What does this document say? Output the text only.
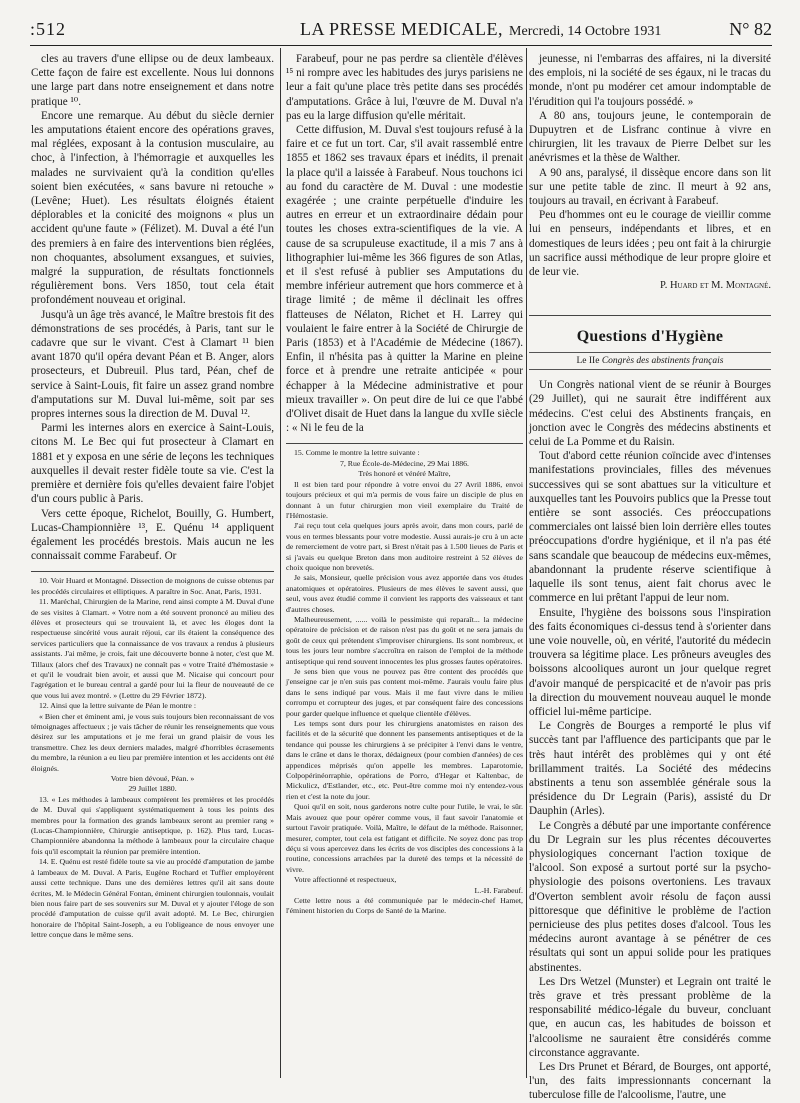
:512	LA PRESSE MEDICALE, Mercredi, 14 Octobre 1931	N° 82

cles au travers d'une ellipse ou de deux lambeaux. Cette façon de faire est excellente. Nous lui donnons une large part dans notre enseignement et dans notre pratique ¹⁰.

Encore une remarque. Au début du siècle dernier les amputations étaient encore des opérations graves, mal réglées, exposant à la contusion musculaire, au choc, à l'infection, à l'hémorragie et auxquelles les malades ne survivaient qu'à la condition qu'elles soient bien exécutées, « sans bavure ni retouche » (Levêne; Huet). Les résultats éloignés étaient déplorables et la conicité des moignons « plus un accident qu'une faute » (Félizet). M. Duval a été l'un des premiers à en faire des interventions bien réglées, non choquantes, absolument exsangues, et suivies, malgré la suppuration, de résultats fonctionnels régulièrement bons. Vers 1850, tout cela était profondément nouveau et original.

Jusqu'à un âge très avancé, le Maître brestois fit des démonstrations de ses procédés, à Paris, tant sur le cadavre que sur le vivant. C'est à Clamart ¹¹ bien avant 1870 qu'il opéra devant Péan et B. Anger, alors prosecteurs, et Dubreuil. Plus tard, Péan, chef de service à Saint-Louis, fit faire un assez grand nombre d'amputations sur M. Duval lui-même, soit par ses propres internes sous la direction de M. Duval ¹².

Parmi les internes alors en exercice à Saint-Louis, citons M. Le Bec qui fut prosecteur à Clamart en 1881 et y exposa en une série de leçons les techniques auxquelles il devait rester fidèle toute sa vie. C'est la première et dernière fois qu'elles devaient faire l'objet d'un cours public à Paris.

Vers cette époque, Richelot, Bouilly, G. Humbert, Lucas-Championnière ¹³, E. Quénu ¹⁴ appliquent également les procédés brestois. Mais aucun ne les connaissait comme Farabeuf. Or

10. Voir Huard et Montagné. Dissection de moignons de cuisse obtenus par les procédés circulaires et elliptiques. A paraître in Soc. Anat, Paris, 1931.

11. Maréchal, Chirurgien de la Marine, rend ainsi compte à M. Duval d'une de ses visites à Clamart. « Votre nom a été souvent prononcé au milieu des élèves et prosecteurs qui se trouvaient là, et avec les éloges dont la respectueuse sincérité vous aurait réjoui, car ils étaient la conséquence des services particuliers que la connaissance de vos travaux a rendus à plusieurs assistants. J'ai même, je crois, fait une découverte bonne à noter, c'est que M. Tillaux (alors chef des Travaux) ne connaît pas « votre Traité d'hémostasie » et qu'il le voudrait bien avoir, et aussi que M. Nicaise qui concourt pour l'agrégation et le bureau central a gardé pour lui la fleur de nouveauté de ce que vous lui avez montré. » (Lettre du 29 Février 1872).

12. Ainsi que la lettre suivante de Péan le montre :

« Bien cher et éminent ami, je vous suis toujours bien reconnaissant de vos témoignages affectueux ; je vais tâcher de réunir les renseignements que vous désirez sur les amputations et je me ferai un grand plaisir de vous les transmettre. Chez les deux derniers malades, malgré d'horribles écrasements du membre, la réunion a eu lieu par première intention et les accidents ont été éloignés.

Votre bien dévoué, Péan. »

29 Juillet 1880.

13. « Les méthodes à lambeaux comptèrent les premières et les procédés de M. Duval qui s'appliquent systématiquement à tous les points des membres pour la formation des grands lambeaux seront au premier rang » (Lucas-Championnière, Chirurgie antiseptique, p. 162). Plus tard, Lucas-Championnière abandonna la méthode à lambeaux pour la circulaire chaque fois qu'il escomptait la réunion par première intention.

14. E. Quénu est resté fidèle toute sa vie au procédé d'amputation de jambe à lambeaux de M. Duval. A Paris, Eugène Rochard et Tuffier employèrent aussi cette technique. Dans une des dernières lettres qu'il ait sans doute écrites, M. le Médecin Général Fontan, éminent chirurgien toulonnais, voulait bien nous faire part de ses souvenirs sur M. Duval et y ajouter l'éloge de son procédé d'amputation de cuisse qu'il avait adopté. M. Le Bec, chirurgien honoraire de l'hôpital Saint-Joseph, a eu l'obligeance de nous envoyer une lettre conçue dans le même sens.

Farabeuf, pour ne pas perdre sa clientèle d'élèves ¹⁵ ni rompre avec les habitudes des jurys parisiens ne leur a fait qu'une place très petite dans ses procédés d'amputations. Grâce à lui, l'œuvre de M. Duval n'a pas eu la large diffusion qu'elle méritait.

Cette diffusion, M. Duval s'est toujours refusé à la faire et ce fut un tort. Car, s'il avait rassemblé entre 1855 et 1862 ses travaux épars et inédits, il prenait la place qu'il a laissée à Farabeuf. Nous touchons ici au fond du caractère de M. Duval : une modestie exagérée ; une crainte perpétuelle d'induire les autres en erreur et un extraordinaire dédain pour toutes les choses extra-scientifiques de la vie. A cause de sa scrupuleuse exactitude, il a mis 7 ans à lithographier lui-même les 366 figures de son Atlas, et il s'est refusé à publier ses Amputations du membre inférieur autrement que hors commerce et à tirage limité ; de même il déclinait les offres flatteuses de Nélaton, Richet et H. Larrey qui voulaient le faire entrer à la Société de Chirurgie de Paris (1853) et à l'Académie de Médecine (1867). Enfin, il n'hésita pas à quitter la Marine en pleine force et à prendre une retraite anticipée « pour échapper à la Médecine administrative et pour mieux travailler ». On peut dire de lui ce que l'abbé d'Olivet disait de Huet dans la langue du xvIIe siècle : « Ni le feu de la

15. Comme le montre la lettre suivante :

7, Rue École-de-Médecine, 29 Mai 1886.

Très honoré et vénéré Maître,

Il est bien tard pour répondre à votre envoi du 27 Avril 1886, envoi toujours précieux et qui m'a permis de vous faire un disciple de plus en donnant à un futur chirurgien mon vieil exemplaire du Traité de l'Hémostasie.

J'ai reçu tout cela quelques jours après avoir, dans mon cours, parlé de vous en termes blessants pour votre modestie. Aussi aurais-je cru à un acte de remerciement de votre part, si Brest n'était pas à 1.500 lieues de Paris et si j'avais eu quelque Breton dans mon auditoire restreint à 52 élèves de choix quoique non brevetés.

Je sais, Monsieur, quelle précision vous avez apportée dans vos études anatomiques et opératoires. Plusieurs de mes élèves le savent aussi, que seul, vous avez étudié comme il convient les rapports des vaisseaux et tant d'autres choses.

Malheureusement, ...... voilà le pessimiste qui reparaît... la médecine opératoire de précision et de raison n'est pas du goût et ne sera jamais du goût de ceux qui prétendent s'improviser chirurgiens. Ils sont nombreux, et tous les jours leur nombre s'accroîtra en raison de l'emploi de la méthode antiseptique qui rend souvent innocentes les plus grosses fautes opératoires.

Je sens bien que vous ne pouvez pas être content des procédés que j'enseigne car je n'en suis pas content moi-même. J'aurais voulu faire plus dans le sens indiqué par vous. Mais il me faut vivre dans le milieu corrompu et corrupteur des juges, et par conséquent faire des concessions pour garder quelque influence et quelque clientèle d'élèves.

Les temps sont durs pour les chirurgiens anatomistes en raison des facilités et de la sécurité que donnent les pansements antiseptiques et de la tendance qui pousse les chirurgiens à se précipiter à l'envi dans le ventre, dans le crâne et dans le thorax, dédaigneux (pour combien d'années) de ces appendices méprisés qu'on appelle les membres. Laparotomie, Colpopérinéorraphie, opérations de Porro, d'Hegar et Kaltenbac, de Mickulicz, d'Estlander, etc., etc. Peut-être comme moi n'y entendez-vous rien et c'est la note du jour.

Quoi qu'il en soit, nous garderons notre culte pour l'utile, le vrai, le sûr. Mais avouez que pour opérer comme vous, il faut savoir l'anatomie et surtout l'avoir pratiquée. Voilà, Maître, le défaut de la méthode. Raisonner, mesurer, compter, tout cela est fatigant et difficile. Ne soyez donc pas trop déçu si vous apercevez dans les écrits de vos disciples des concessions à la routine, concessions arrachées par la dureté des temps et la nécessité de vivre.

Votre affectionné et respectueux,

L.-H. Farabeuf.

Cette lettre nous a été communiquée par le médecin-chef Hamet, l'éminent historien du Corps de Santé de la Marine.

jeunesse, ni l'embarras des affaires, ni la diversité des emplois, ni la société de ses égaux, ni le tracas du monde, n'ont pu modérer cet amour indomptable de l'érudition qui l'a toujours possédé. »

A 80 ans, toujours jeune, le contemporain de Dupuytren et de Lisfranc continue à vivre en chirurgien, lit les travaux de Pierre Delbet sur les anévrismes et la thèse de Walther.

A 90 ans, paralysé, il dissèque encore dans son lit sur une petite table de zinc. Il meurt à 92 ans, toujours au travail, en écrivant à Farabeuf.

Peu d'hommes ont eu le courage de vieillir comme lui en penseurs, indépendants et libres, et en domestiques de leurs idées ; peu ont fait à la chirurgie un sacrifice aussi méthodique de leur propre gloire et de leur vie.

P. Huard et M. Montagné.
Questions d'Hygiène
Le IIe Congrès des abstinents français

Un Congrès national vient de se réunir à Bourges (29 Juillet), qui ne saurait être indifférent aux médecins. C'est celui des Abstinents français, en jonction avec le Congrès des médecins abstinents et celui de La Pomme et du Raisin.

Tout d'abord cette réunion coïncide avec d'intenses manifestations provinciales, filles des mévenues successives qui se sont abattues sur la viticulture et auxquelles tant les Pouvoirs publics que la Presse tout entière se sont associés. Ces préoccupations commerciales ont laissé bien loin derrière elles toutes préoccupations d'ordre hygiénique, et il n'a pas été sans scandale que beaucoup de médecins eux-mêmes, abandonnant la prudente réserve scientifique à laquelle ils sont tenus, aient fait chorus avec le commerce en lui prêtant l'appui de leur nom.

Ensuite, l'hygiène des boissons sous l'inspiration des faits économiques ci-dessus tend à s'orienter dans une voie nouvelle, où, en vérité, l'autorité du médecin trouvera sa légitime place. Les prôneurs aveugles des boissons alcooliques auront un jour quelque regret d'avoir manqué de perspicacité et de n'avoir pas pris la direction du mouvement nouveau auquel le monde officiel lui-même participe.

Le Congrès de Bourges a remporté le plus vif succès tant par l'affluence des participants que par le très haut intérêt des problèmes qui y ont été brillamment traités. La Société des médecins abstinents a tenu son assemblée générale sous la présidence du Dr Legrain (Paris), assisté du Dr Dauphin (Arles).

Le Congrès a débuté par une importante conférence du Dr Legrain sur les plus récentes découvertes physiologiques concernant l'action toxique de l'alcool. Son exposé a surtout porté sur la psycho-physiologie des poisons overtoniens. Les travaux d'Overton semblent avoir résolu de façon aussi pittoresque que définitive le problème de l'action pernicieuse des plus petites doses d'alcool. Tous les médecins auront avantage à se pénétrer de ces résultats qui sont un appui solide pour les pratiques abstinentes.

Les Drs Wetzel (Munster) et Legrain ont traité le très grave et très pressant problème de la responsabilité médico-légale du buveur, concluant que, en aucun cas, les habitudes de boisson et l'alcoolisme ne sauraient être considérés comme circonstance aggravante.

Les Drs Prunet et Bérard, de Bourges, ont apporté, l'un, des faits impressionnants concernant la tuberculose fille de l'alcoolisme, l'autre, une
